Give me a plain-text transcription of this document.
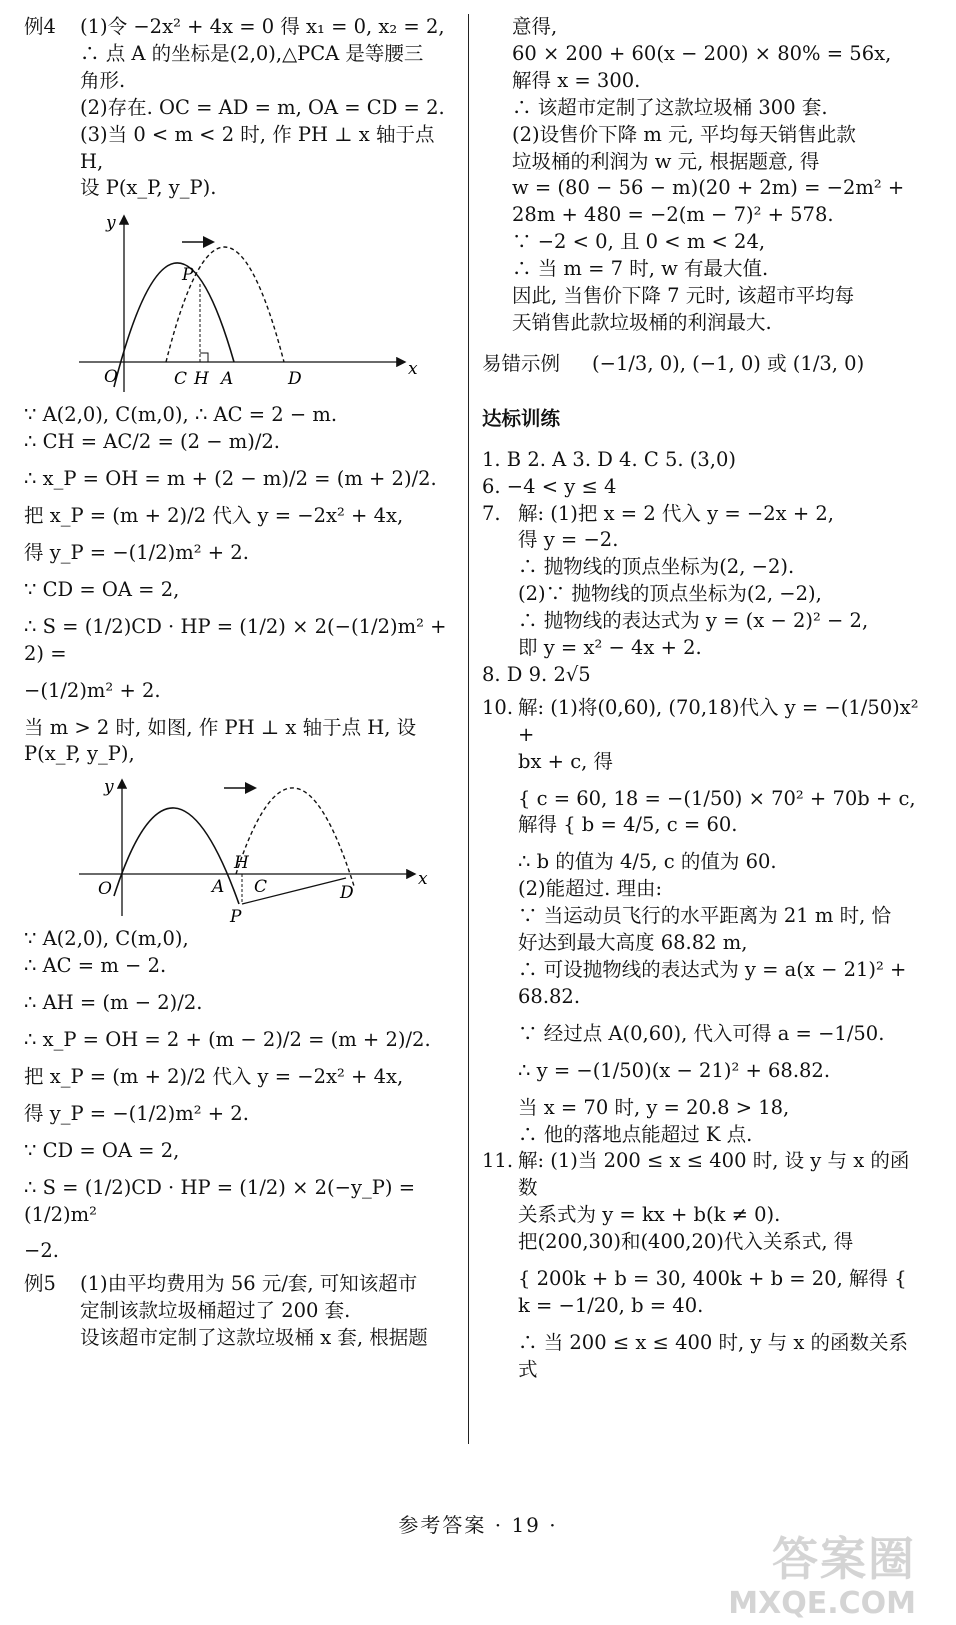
例4	(1)令 −2x² + 4x = 0 得 x₁ = 0, x₂ = 2,

∴ 点 A 的坐标是(2,0),△PCA 是等腰三

角形.

(2)存在. OC = AD = m, OA = CD = 2.

(3)当 0 < m < 2 时, 作 PH ⊥ x 轴于点 H,

设 P(x_P, y_P).

y
x
O
P
C H A	D

∵ A(2,0), C(m,0), ∴ AC = 2 − m.

∴ CH = AC/2 = (2 − m)/2.

∴ x_P = OH = m + (2 − m)/2 = (m + 2)/2.

把 x_P = (m + 2)/2 代入 y = −2x² + 4x,

得 y_P = −(1/2)m² + 2.

∵ CD = OA = 2,

∴ S = (1/2)CD · HP = (1/2) × 2(−(1/2)m² + 2) =

−(1/2)m² + 2.

当 m > 2 时, 如图, 作 PH ⊥ x 轴于点 H, 设

P(x_P, y_P),

y
x
O	A
H
C
P
D

∵ A(2,0), C(m,0),

∴ AC = m − 2.

∴ AH = (m − 2)/2.

∴ x_P = OH = 2 + (m − 2)/2 = (m + 2)/2.

把 x_P = (m + 2)/2 代入 y = −2x² + 4x,

得 y_P = −(1/2)m² + 2.

∵ CD = OA = 2,

∴ S = (1/2)CD · HP = (1/2) × 2(−y_P) = (1/2)m²

−2.

例5	(1)由平均费用为 56 元/套, 可知该超市

定制该款垃圾桶超过了 200 套.

设该超市定制了这款垃圾桶 x 套, 根据题

意得,

60 × 200 + 60(x − 200) × 80% = 56x,

解得 x = 300.

∴ 该超市定制了这款垃圾桶 300 套.

(2)设售价下降 m 元, 平均每天销售此款

垃圾桶的利润为 w 元, 根据题意, 得

w = (80 − 56 − m)(20 + 2m) = −2m² +

28m + 480 = −2(m − 7)² + 578.

∵ −2 < 0, 且 0 < m < 24,

∴ 当 m = 7 时, w 有最大值.

因此, 当售价下降 7 元时, 该超市平均每

天销售此款垃圾桶的利润最大.

易错示例	(−1/3, 0), (−1, 0) 或 (1/3, 0)

达标训练

1. B 2. A 3. D 4. C 5. (3,0)

6. −4 < y ≤ 4

7. 解: (1)把 x = 2 代入 y = −2x + 2,

得 y = −2.

∴ 抛物线的顶点坐标为(2, −2).

(2)∵ 抛物线的顶点坐标为(2, −2),

∴ 抛物线的表达式为 y = (x − 2)² − 2,

即 y = x² − 4x + 2.

8. D 9. 2√5

10. 解: (1)将(0,60), (70,18)代入 y = −(1/50)x² +

bx + c, 得

{ c = 60, 18 = −(1/50) × 70² + 70b + c, 解得 { b = 4/5, c = 60.

∴ b 的值为 4/5, c 的值为 60.

(2)能超过. 理由:

∵ 当运动员飞行的水平距离为 21 m 时, 恰

好达到最大高度 68.82 m,

∴ 可设抛物线的表达式为 y = a(x − 21)² +

68.82.

∵ 经过点 A(0,60), 代入可得 a = −1/50.

∴ y = −(1/50)(x − 21)² + 68.82.

当 x = 70 时, y = 20.8 > 18,

∴ 他的落地点能超过 K 点.

11. 解: (1)当 200 ≤ x ≤ 400 时, 设 y 与 x 的函数

关系式为 y = kx + b(k ≠ 0).

把(200,30)和(400,20)代入关系式, 得

{ 200k + b = 30, 400k + b = 20, 解得 { k = −1/20, b = 40.

∴ 当 200 ≤ x ≤ 400 时, y 与 x 的函数关系式

参考答案 · 19 ·
答案圈
MXQE.COM
